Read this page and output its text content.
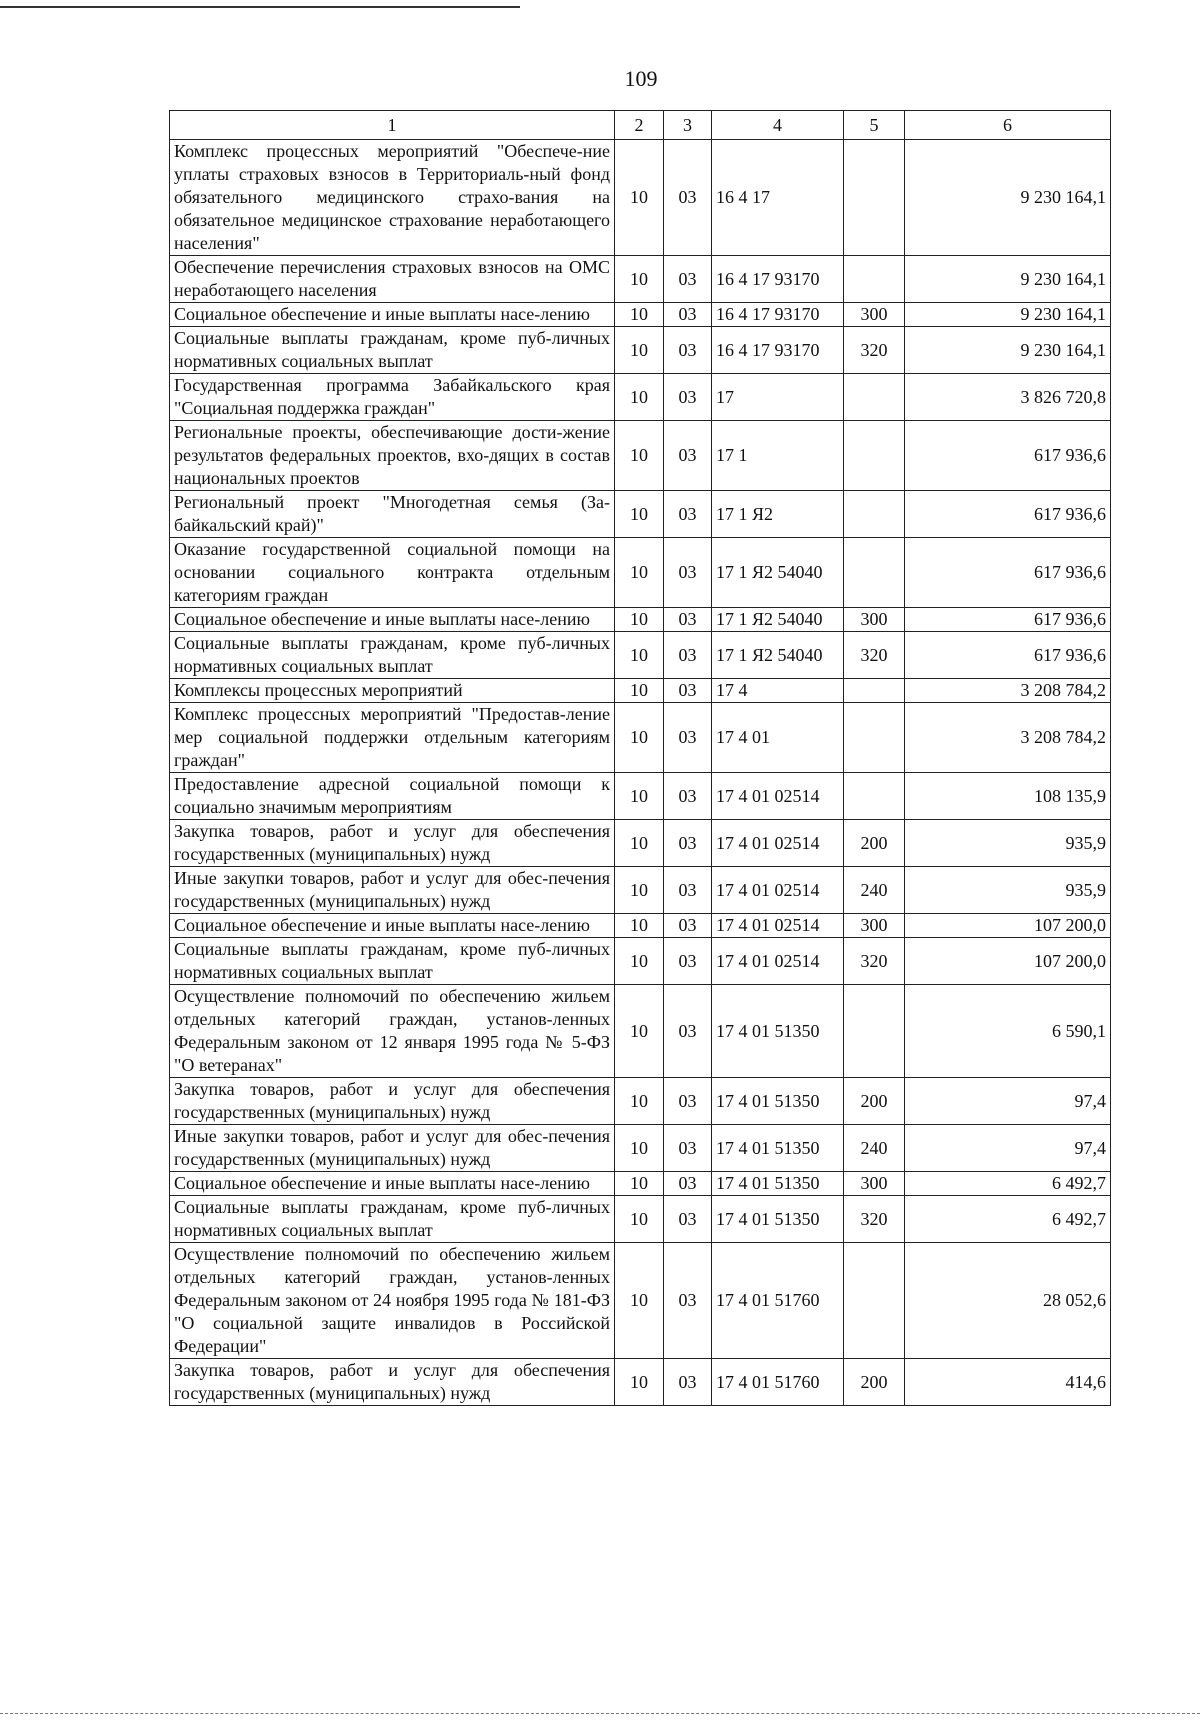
109
1	2	3	4	5	6
Комплекс процессных мероприятий "Обеспече-ние уплаты страховых взносов в Территориаль-ный фонд обязательного медицинского страхо-вания на обязательное медицинское страхование неработающего населения"	10	03	16 4 17		9 230 164,1
Обеспечение перечисления страховых взносов на ОМС неработающего населения	10	03	16 4 17 93170		9 230 164,1
Социальное обеспечение и иные выплаты насе-лению	10	03	16 4 17 93170	300	9 230 164,1
Социальные выплаты гражданам, кроме пуб-личных нормативных социальных выплат	10	03	16 4 17 93170	320	9 230 164,1
Государственная программа Забайкальского края "Социальная поддержка граждан"	10	03	17		3 826 720,8
Региональные проекты, обеспечивающие дости-жение результатов федеральных проектов, вхо-дящих в состав национальных проектов	10	03	17 1		617 936,6
Региональный проект "Многодетная семья (За-байкальский край)"	10	03	17 1 Я2		617 936,6
Оказание государственной социальной помощи на основании социального контракта отдельным категориям граждан	10	03	17 1 Я2 54040		617 936,6
Социальное обеспечение и иные выплаты насе-лению	10	03	17 1 Я2 54040	300	617 936,6
Социальные выплаты гражданам, кроме пуб-личных нормативных социальных выплат	10	03	17 1 Я2 54040	320	617 936,6
Комплексы процессных мероприятий	10	03	17 4		3 208 784,2
Комплекс процессных мероприятий "Предостав-ление мер социальной поддержки отдельным категориям граждан"	10	03	17 4 01		3 208 784,2
Предоставление адресной социальной помощи к социально значимым мероприятиям	10	03	17 4 01 02514		108 135,9
Закупка товаров, работ и услуг для обеспечения государственных (муниципальных) нужд	10	03	17 4 01 02514	200	935,9
Иные закупки товаров, работ и услуг для обес-печения государственных (муниципальных) нужд	10	03	17 4 01 02514	240	935,9
Социальное обеспечение и иные выплаты насе-лению	10	03	17 4 01 02514	300	107 200,0
Социальные выплаты гражданам, кроме пуб-личных нормативных социальных выплат	10	03	17 4 01 02514	320	107 200,0
Осуществление полномочий по обеспечению жильем отдельных категорий граждан, установ-ленных Федеральным законом от 12 января 1995 года № 5-ФЗ "О ветеранах"	10	03	17 4 01 51350		6 590,1
Закупка товаров, работ и услуг для обеспечения государственных (муниципальных) нужд	10	03	17 4 01 51350	200	97,4
Иные закупки товаров, работ и услуг для обес-печения государственных (муниципальных) нужд	10	03	17 4 01 51350	240	97,4
Социальное обеспечение и иные выплаты насе-лению	10	03	17 4 01 51350	300	6 492,7
Социальные выплаты гражданам, кроме пуб-личных нормативных социальных выплат	10	03	17 4 01 51350	320	6 492,7
Осуществление полномочий по обеспечению жильем отдельных категорий граждан, установ-ленных Федеральным законом от 24 ноября 1995 года № 181-ФЗ "О социальной защите инвалидов в Российской Федерации"	10	03	17 4 01 51760		28 052,6
Закупка товаров, работ и услуг для обеспечения государственных (муниципальных) нужд	10	03	17 4 01 51760	200	414,6
